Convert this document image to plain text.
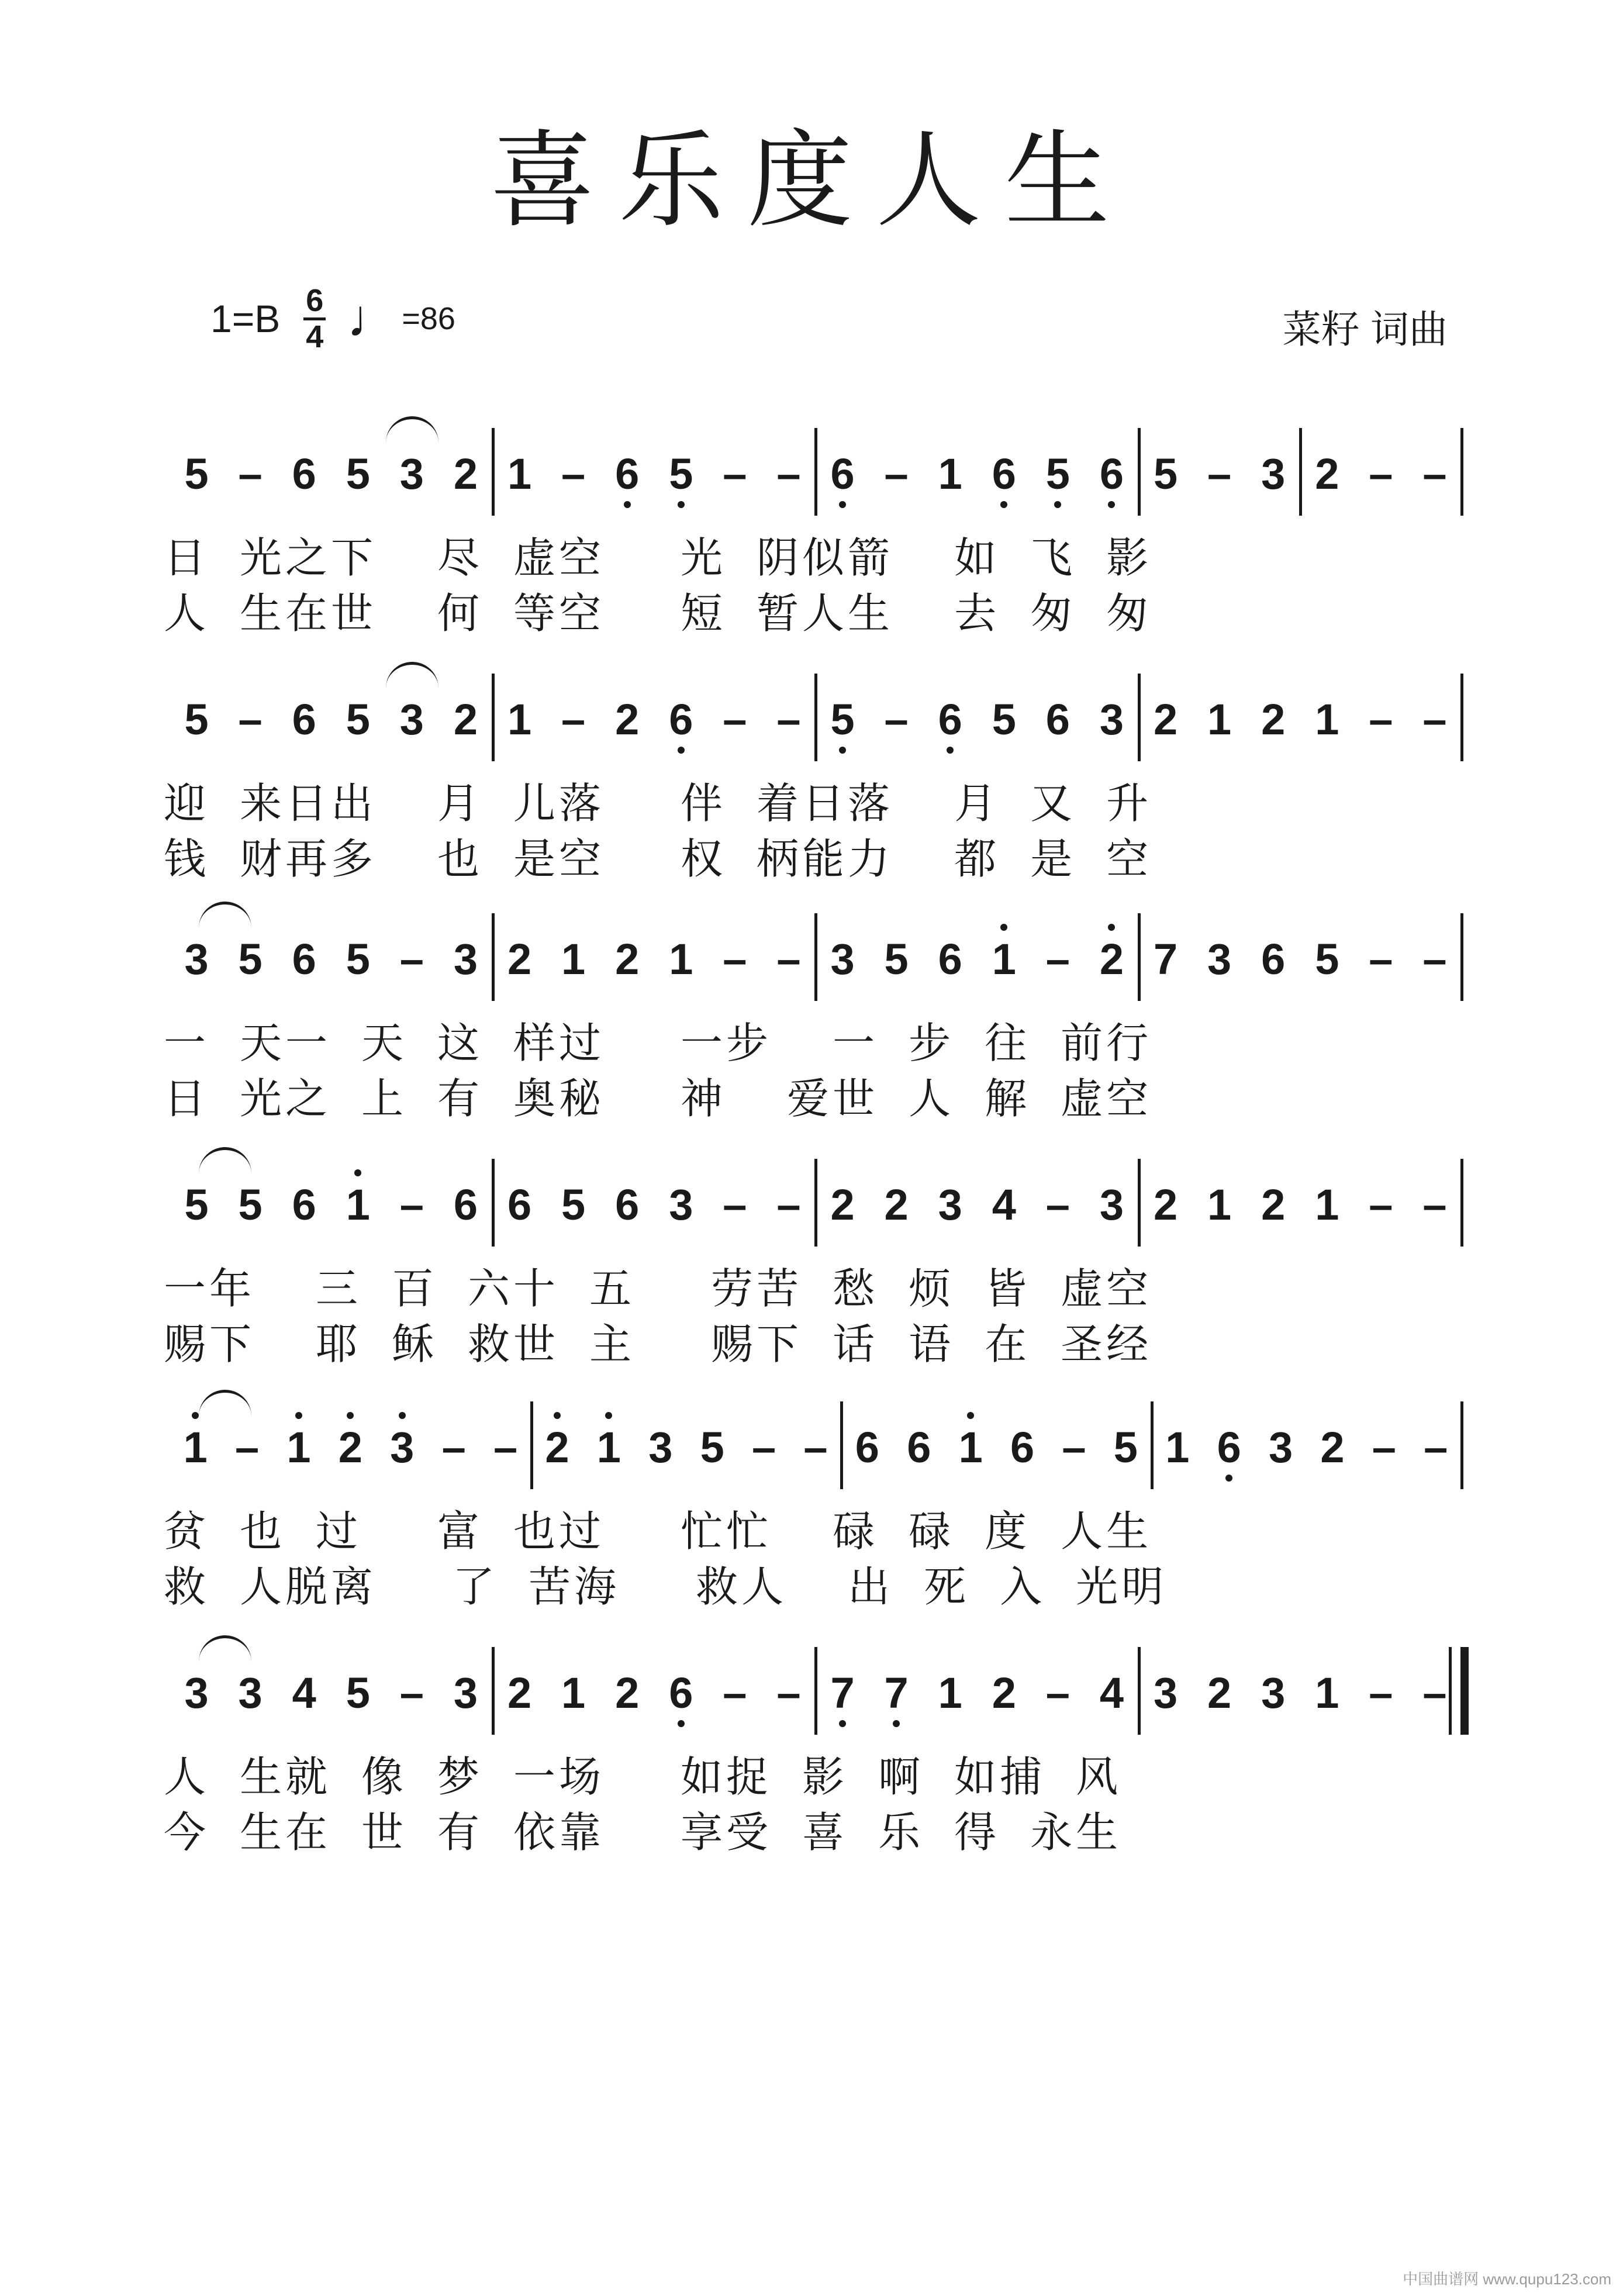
喜乐度人生
$1=B \frac{6}{4}$ ♩ =86	菜籽 词曲
5 – 6 5 3 2 1 – 6 5 – – 6 – 1 6 5 6 5 – 3 2 – –
日  光之下    尽  虚空     光  阴似箭    如  飞  影
人  生在世    何  等空     短  暂人生    去  匆  匆
5 – 6 5 3 2 1 – 2 6 – – 5 – 6 5 6 3 2 1 2 1 – –
迎  来日出    月  儿落     伴  着日落    月  又  升
钱  财再多    也  是空     权  柄能力    都  是  空
3 5 6 5 – 3 2 1 2 1 – – 3 5 6 1 – 2 7 3 6 5 – –
一  天一  天  这  样过     一步    一  步  往  前行
日  光之  上  有  奥秘     神    爱世  人  解  虚空
5 5 6 1 – 6 6 5 6 3 – – 2 2 3 4 – 3 2 1 2 1 – –
一年    三  百  六十  五     劳苦  愁  烦  皆  虚空
赐下    耶  稣  救世  主     赐下  话  语  在  圣经
1 – 1 2 3 – – 2 1 3 5 – – 6 6 1 6 – 5 1 6 3 2 – –
贫  也  过     富  也过     忙忙    碌  碌  度  人生
救  人脱离     了  苦海     救人    出  死  入  光明
3 3 4 5 – 3 2 1 2 6 – – 7 7 1 2 – 4 3 2 3 1 – –
人  生就  像  梦  一场     如捉  影  啊  如捕  风
今  生在  世  有  依靠     享受  喜  乐  得  永生
中国曲谱网 www.qupu123.com
